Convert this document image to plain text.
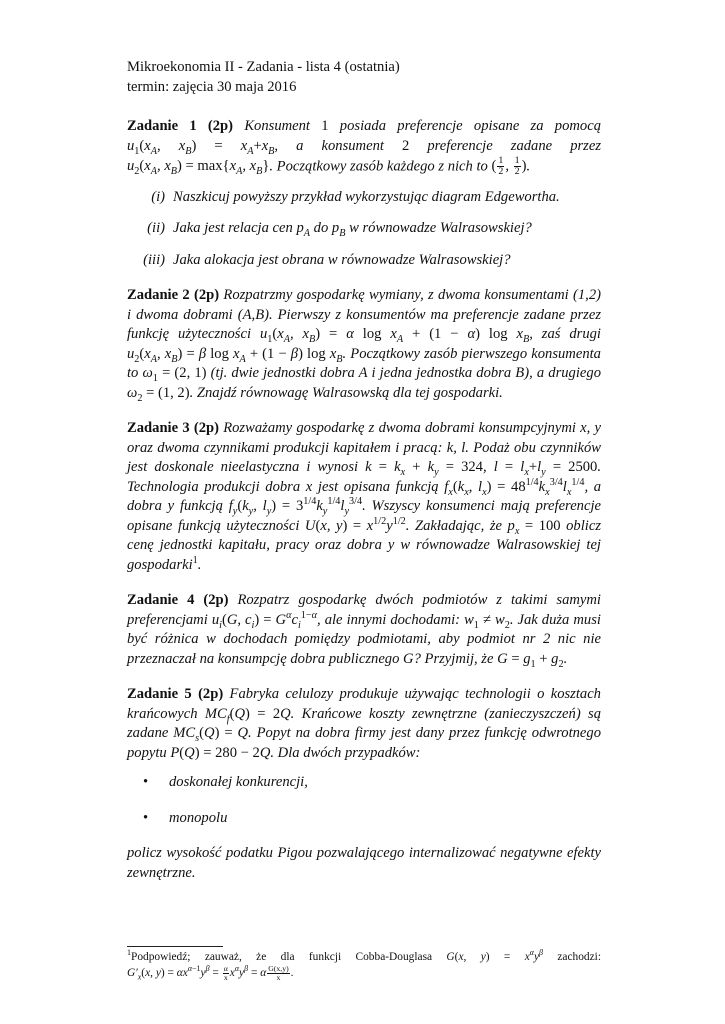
Mikroekonomia II - Zadania - lista 4 (ostatnia)
termin: zajęcia 30 maja 2016
Zadanie 1 (2p) Konsument 1 posiada preferencje opisane za pomocą $u_1(x_A$, $x_B) = x_A+x_B$, a konsument 2 preferencje zadane przez $u_2(x_A$, $x_B) = \max\{x_A$, $x_B$}. Początkowy zasób każdego z nich to ( $\frac{1}{2}$ , $\frac{1}{2}$ ).
(i) Naszkicuj powyższy przykład wykorzystując diagram Edgewortha.
(ii) Jaka jest relacja cen $p_A$ do $p_B$ w równowadze Walrasowskiej?
(iii) Jaka alokacja jest obrana w równowadze Walrasowskiej?
Zadanie 2 (2p) Rozpatrzmy gospodarkę wymiany, z dwoma konsumentami (1,2) i dwoma dobrami (A,B). Pierwszy z konsumentów ma preferencje zadane przez funkcję użyteczności $u_1(x_A$, $x_B) = \alpha$ $\log x_A + (1 - \alpha)$ $\log x_B$, zaś drugi $u_2(x_A$, $x_B) = \beta$ $\log x_A + (1 - \beta)$ $\log x_B$. Początkowy zasób pierwszego konsumenta to $\omega_1 = (2$, 1) (tj. dwie jednostki dobra A i jedna jednostka dobra B), a drugiego $\omega_2 = (1$, 2). Znajdź równowagę Walrasowską dla tej gospodarki.
Zadanie 3 (2p) Rozważamy gospodarkę z dwoma dobrami konsumpcyjnymi x, y oraz dwoma czynnikami produkcji kapitałem i pracą: k, l. Podaż obu czynników jest doskonale nieelastyczna i wynosi $k = k_x + k_y = 324$, $l = l_x+l_y = 2500$. Technologia produkcji dobra x jest opisana funkcją $f_x(k_x$, $l_x) = 48^{1/4}k_x^{3/4}l_x^{1/4}$, a dobra y funkcją $f_y(k_y$, $l_y) = 3^{1/4}k_y^{1/4}l_y^{3/4}$. Wszyscy konsumenci mają preferencje opisane funkcją użyteczności U(x, $y) = x^{1/2}y^{1/2}$. Zakładając, że $p_x = 100$ oblicz cenę jednostki kapitału, pracy oraz dobra y w równowadze Walrasowskiej tej gospodarki$^1$.
Zadanie 4 (2p) Rozpatrz gospodarkę dwóch podmiotów z takimi samymi preferencjami $u_i(G$, $c_i) = G^\alpha c_i^{1-\alpha}$, ale innymi dochodami: $w_1 \ne w_2$. Jak duża musi być różnica w dochodach pomiędzy podmiotami, aby podmiot nr 2 nic nie przeznaczał na konsumpcję dobra publicznego G? Przyjmij, że $G = g_1 + g_2$.
Zadanie 5 (2p) Fabryka celulozy produkuje używając technologii o kosztach krańcowych $MC_f(Q) = 2Q$. Krańcowe koszty zewnętrzne (zanieczyszczeń) są zadane $MC_s(Q) = Q$. Popyt na dobra firmy jest dany przez funkcję odwrotnego popytu P(Q) = 280 − 2Q. Dla dwóch przypadków:
•	doskonałej konkurencji,
•	monopolu
policz wysokość podatku Pigou pozwalającego internalizować negatywne efekty zewnętrzne.
$^1$Podpowiedź; zauważ, że dla funkcji Cobba-Douglasa G(x, $y) = x^\alpha y^\beta$ zachodzi: $G'_x(x$, $y) = \alpha x^{\alpha-1}y^\beta = \frac{\alpha}{x} x^\alpha y^\beta = \alpha \frac{G(x,y)}{x}$ .
